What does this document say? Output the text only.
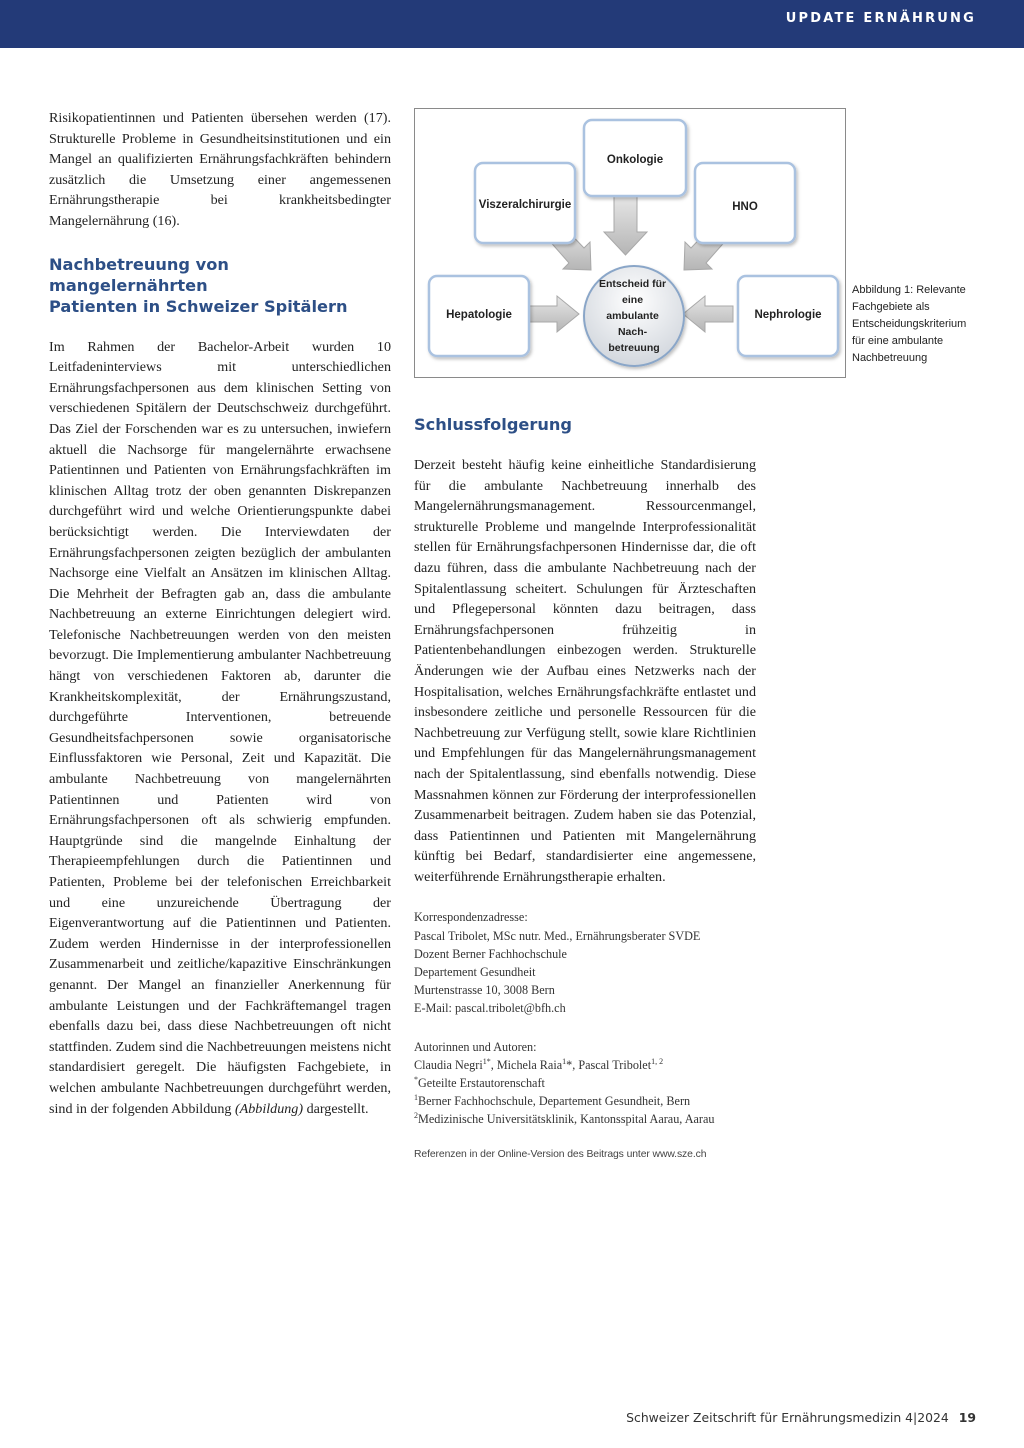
UPDATE ERNÄHRUNG

Risikopatientinnen und Patienten übersehen werden (17). Strukturelle Probleme in Gesundheitsinstitutionen und ein Mangel an qualifizierten Ernährungsfachkräften behindern zusätzlich die Umsetzung einer angemessenen Ernährungstherapie bei krankheitsbedingter Mangelernährung (16).

Nachbetreuung von mangelernährten
Patienten in Schweizer Spitälern

Im Rahmen der Bachelor-Arbeit wurden 10 Leitfadeninterviews mit unterschiedlichen Ernährungsfachpersonen aus dem klinischen Setting von verschiedenen Spitälern der Deutschschweiz durchgeführt. Das Ziel der Forschenden war es zu untersuchen, inwiefern aktuell die Nachsorge für mangelernährte erwachsene Patientinnen und Patienten von Ernährungsfachkräften im klinischen Alltag trotz der oben genannten Diskrepanzen durchgeführt wird und welche Orientierungspunkte dabei berücksichtigt werden. Die Interviewdaten der Ernährungsfachpersonen zeigten bezüglich der ambulanten Nachsorge eine Vielfalt an Ansätzen im klinischen Alltag. Die Mehrheit der Befragten gab an, dass die ambulante Nachbetreuung an externe Einrichtungen delegiert wird. Telefonische Nachbetreuungen werden von den meisten bevorzugt. Die Implementierung ambulanter Nachbetreuung hängt von verschiedenen Faktoren ab, darunter die Krankheitskomplexität, der Ernährungszustand, durchgeführte Interventionen, betreuende Gesundheitsfachpersonen sowie organisatorische Einflussfaktoren wie Personal, Zeit und Kapazität. Die ambulante Nachbetreuung von mangelernährten Patientinnen und Patienten wird von Ernährungsfachpersonen oft als schwierig empfunden. Hauptgründe sind die mangelnde Einhaltung der Therapieempfehlungen durch die Patientinnen und Patienten, Probleme bei der telefonischen Erreichbarkeit und eine unzureichende Übertragung der Eigenverantwortung auf die Patientinnen und Patienten. Zudem werden Hindernisse in der interprofessionellen Zusammenarbeit und zeitliche/kapazitive Einschränkungen genannt. Der Mangel an finanzieller Anerkennung für ambulante Leistungen und der Fachkräftemangel tragen ebenfalls dazu bei, dass diese Nachbetreuungen oft nicht stattfinden. Zudem sind die Nachbetreuungen meistens nicht standardisiert geregelt. Die häufigsten Fachgebiete, in welchen ambulante Nachbetreuungen durchgeführt werden, sind in der folgenden Abbildung (Abbildung) dargestellt.

Onkologie
Viszeralchirurgie	HNO
Hepatologie	Nephrologie
Entscheid für eine ambulante Nach- betreuung
Abbildung 1: Relevante Fachgebiete als Entscheidungskriterium für eine ambulante Nachbetreuung
Schlussfolgerung

Derzeit besteht häufig keine einheitliche Standardisierung für die ambulante Nachbetreuung innerhalb des Mangelernährungsmanagement. Ressourcenmangel, strukturelle Probleme und mangelnde Interprofessionalität stellen für Ernährungsfachpersonen Hindernisse dar, die oft dazu führen, dass die ambulante Nachbetreuung nach der Spitalentlassung scheitert. Schulungen für Ärzteschaften und Pflegepersonal könnten dazu beitragen, dass Ernährungsfachpersonen frühzeitig in Patientenbehandlungen einbezogen werden. Strukturelle Änderungen wie der Aufbau eines Netzwerks nach der Hospitalisation, welches Ernährungsfachkräfte entlastet und insbesondere zeitliche und personelle Ressourcen für die Nachbetreuung zur Verfügung stellt, sowie klare Richtlinien und Empfehlungen für das Mangelernährungsmanagement nach der Spitalentlassung, sind ebenfalls notwendig. Diese Massnahmen können zur Förderung der interprofessionellen Zusammenarbeit beitragen. Zudem haben sie das Potenzial, dass Patientinnen und Patienten mit Mangelernährung künftig bei Bedarf, standardisierter eine angemessene, weiterführende Ernährungstherapie erhalten.

Korrespondenzadresse:

Pascal Tribolet, MSc nutr. Med., Ernährungsberater SVDE

Dozent Berner Fachhochschule

Departement Gesundheit

Murtenstrasse 10, 3008 Bern

E-Mail: pascal.tribolet@bfh.ch

Autorinnen und Autoren:

Claudia Negri$^{1*}$, Michela Raia$^1$*, Pascal Tribolet$^{1, 2}$

*Geteilte Erstautorenschaft

$^1$Berner Fachhochschule, Departement Gesundheit, Bern

$^2$Medizinische Universitätsklinik, Kantonsspital Aarau, Aarau

Referenzen in der Online-Version des Beitrags unter www.sze.ch
Schweizer Zeitschrift für Ernährungsmedizin 4|2024 19
